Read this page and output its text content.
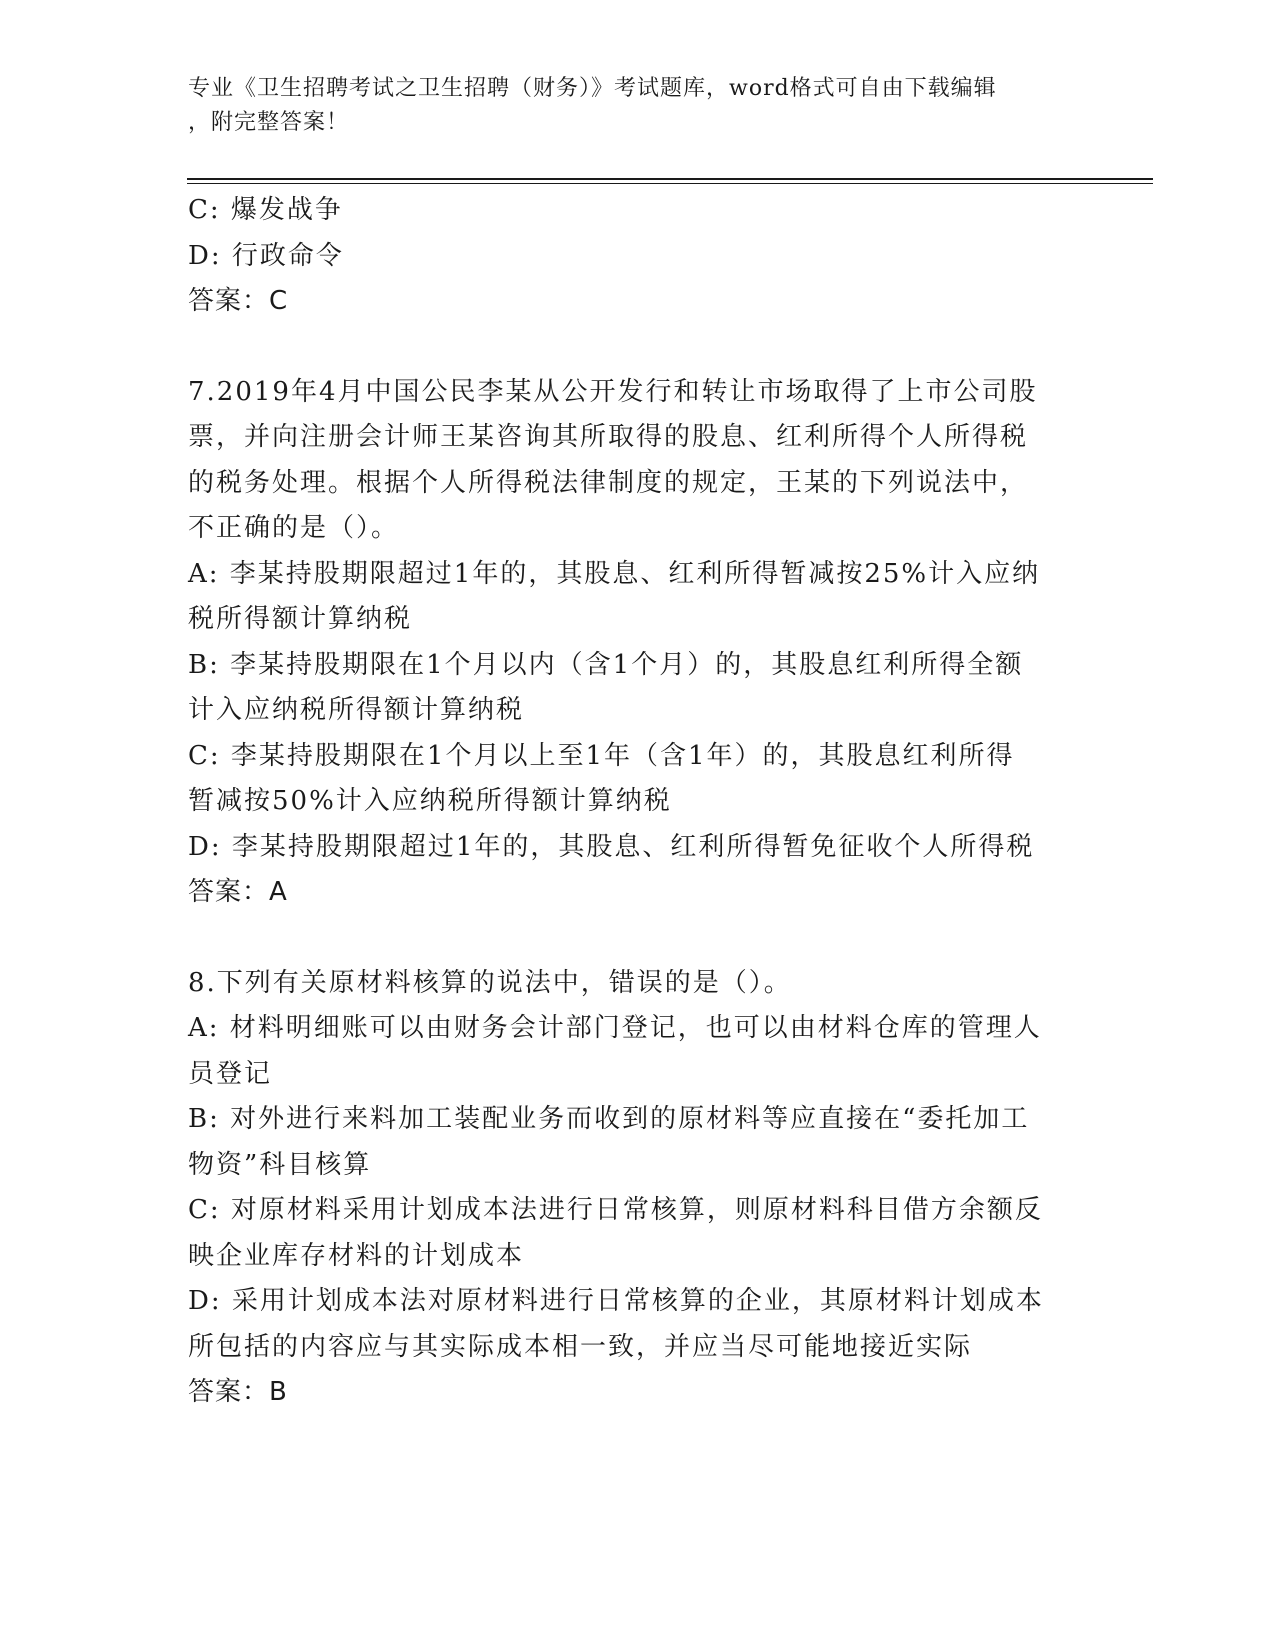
专业《卫生招聘考试之卫生招聘（财务）》考试题库，word格式可自由下载编辑
，附完整答案！
C: 爆发战争
D: 行政命令
答案：C
7.2019年4月中国公民李某从公开发行和转让市场取得了上市公司股
票，并向注册会计师王某咨询其所取得的股息、红利所得个人所得税
的税务处理。根据个人所得税法律制度的规定，王某的下列说法中，
不正确的是（）。
A: 李某持股期限超过1年的，其股息、红利所得暂减按25%计入应纳
税所得额计算纳税
B: 李某持股期限在1个月以内（含1个月）的，其股息红利所得全额
计入应纳税所得额计算纳税
C: 李某持股期限在1个月以上至1年（含1年）的，其股息红利所得
暂减按50%计入应纳税所得额计算纳税
D: 李某持股期限超过1年的，其股息、红利所得暂免征收个人所得税
答案：A
8.下列有关原材料核算的说法中，错误的是（）。
A: 材料明细账可以由财务会计部门登记，也可以由材料仓库的管理人
员登记
B: 对外进行来料加工装配业务而收到的原材料等应直接在“委托加工
物资”科目核算
C: 对原材料采用计划成本法进行日常核算，则原材料科目借方余额反
映企业库存材料的计划成本
D: 采用计划成本法对原材料进行日常核算的企业，其原材料计划成本
所包括的内容应与其实际成本相一致，并应当尽可能地接近实际
答案：B
